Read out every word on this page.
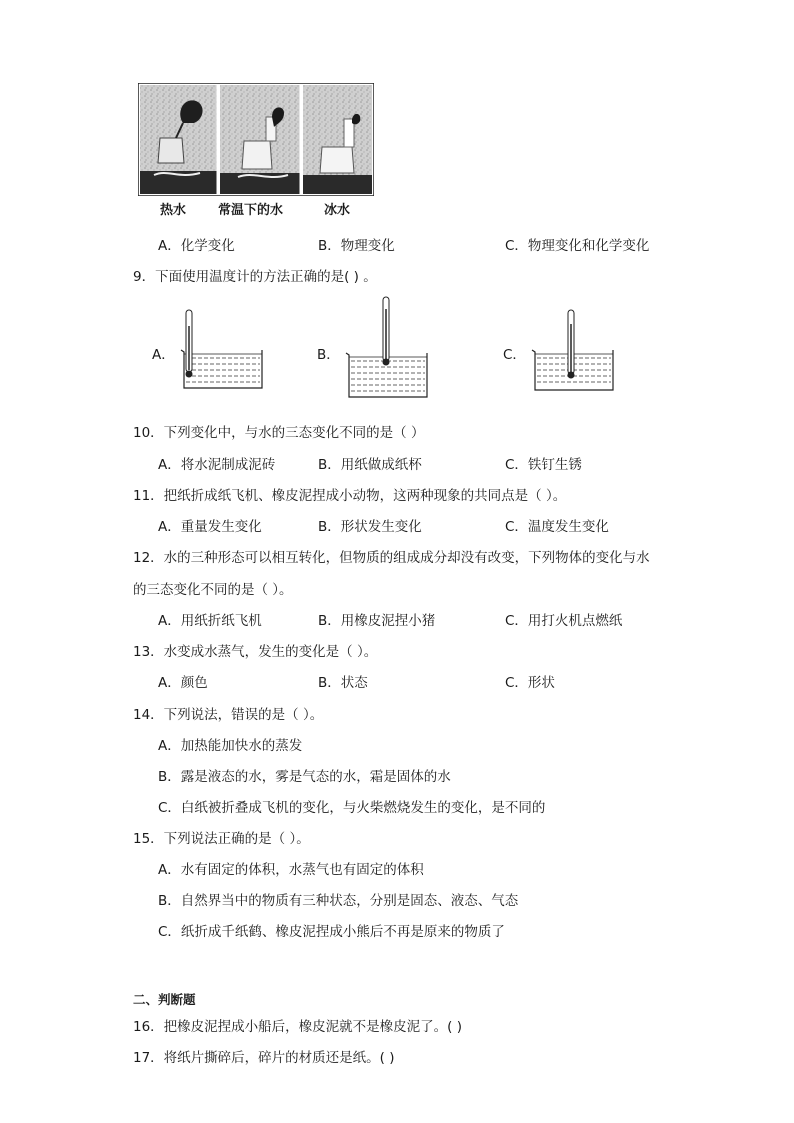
热水 常温下的水	冰水
A．化学变化	B．物理变化	C．物理变化和化学变化
9．下面使用温度计的方法正确的是( ) 。
A．	B．	C．
10．下列变化中，与水的三态变化不同的是（ ）
A．将水泥制成泥砖	B．用纸做成纸杯	C．铁钉生锈
11．把纸折成纸飞机、橡皮泥捏成小动物，这两种现象的共同点是（ ）。
A．重量发生变化	B．形状发生变化	C．温度发生变化
12．水的三种形态可以相互转化，但物质的组成成分却没有改变，下列物体的变化与水
的三态变化不同的是（ ）。
A．用纸折纸飞机	B．用橡皮泥捏小猪	C．用打火机点燃纸
13．水变成水蒸气，发生的变化是（ ）。
A．颜色	B．状态	C．形状
14．下列说法，错误的是（ ）。
A．加热能加快水的蒸发
B．露是液态的水，雾是气态的水，霜是固体的水
C．白纸被折叠成飞机的变化，与火柴燃烧发生的变化，是不同的
15．下列说法正确的是（ ）。
A．水有固定的体积，水蒸气也有固定的体积
B．自然界当中的物质有三种状态，分别是固态、液态、气态
C．纸折成千纸鹤、橡皮泥捏成小熊后不再是原来的物质了
二、判断题
16．把橡皮泥捏成小船后，橡皮泥就不是橡皮泥了。( )
17．将纸片撕碎后，碎片的材质还是纸。( )
